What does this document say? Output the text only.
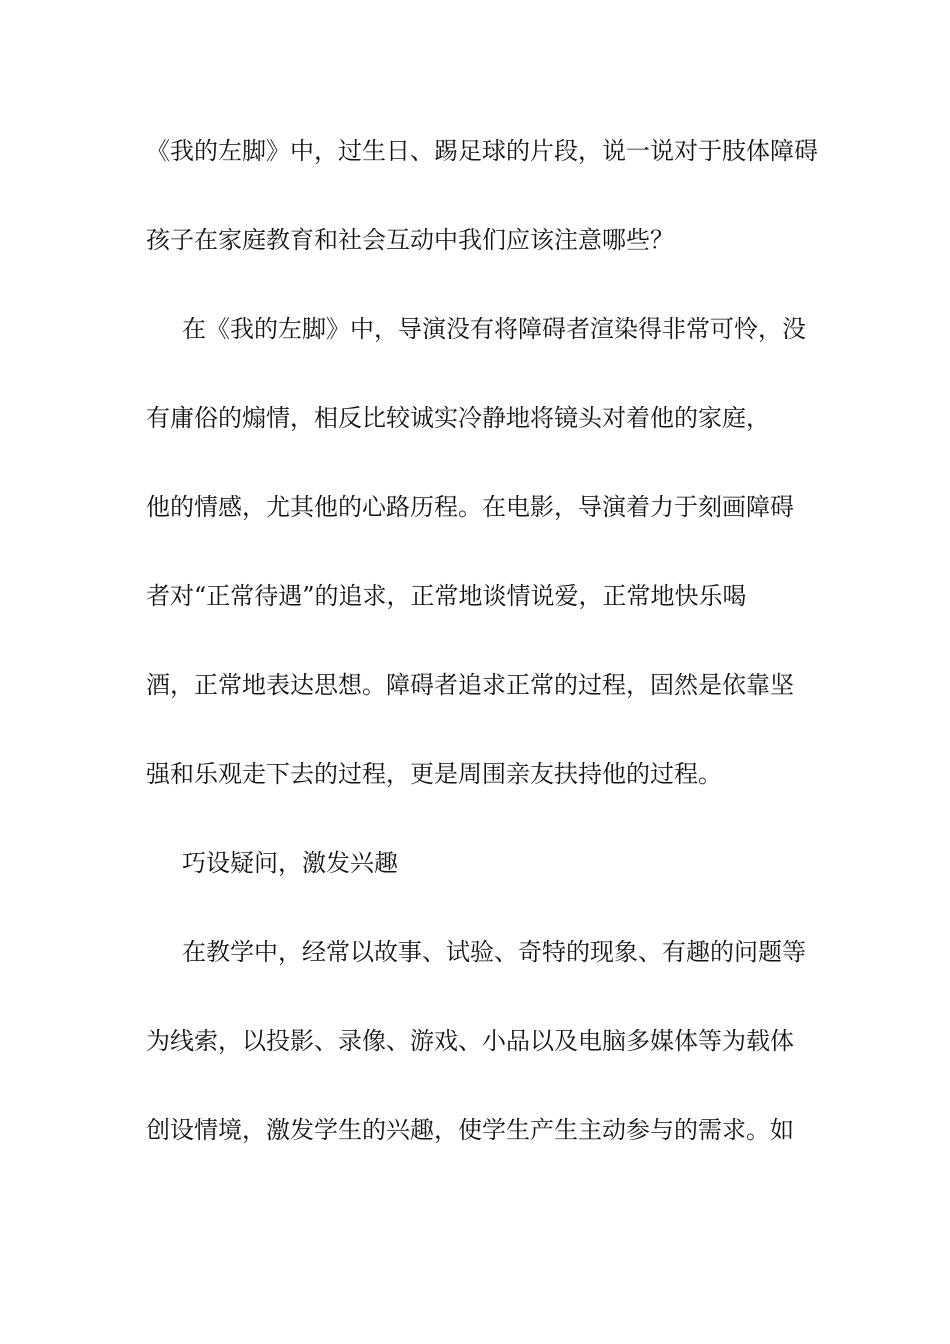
《我的左脚》中，过生日、踢足球的片段，说一说对于肢体障碍
孩子在家庭教育和社会互动中我们应该注意哪些？
在《我的左脚》中，导演没有将障碍者渲染得非常可怜，没
有庸俗的煽情，相反比较诚实冷静地将镜头对着他的家庭，
他的情感，尤其他的心路历程。在电影，导演着力于刻画障碍
者对“正常待遇”的追求，正常地谈情说爱，正常地快乐喝
酒，正常地表达思想。障碍者追求正常的过程，固然是依靠坚
强和乐观走下去的过程，更是周围亲友扶持他的过程。
巧设疑问，激发兴趣
在教学中，经常以故事、试验、奇特的现象、有趣的问题等
为线索，以投影、录像、游戏、小品以及电脑多媒体等为载体
创设情境，激发学生的兴趣，使学生产生主动参与的需求。如
